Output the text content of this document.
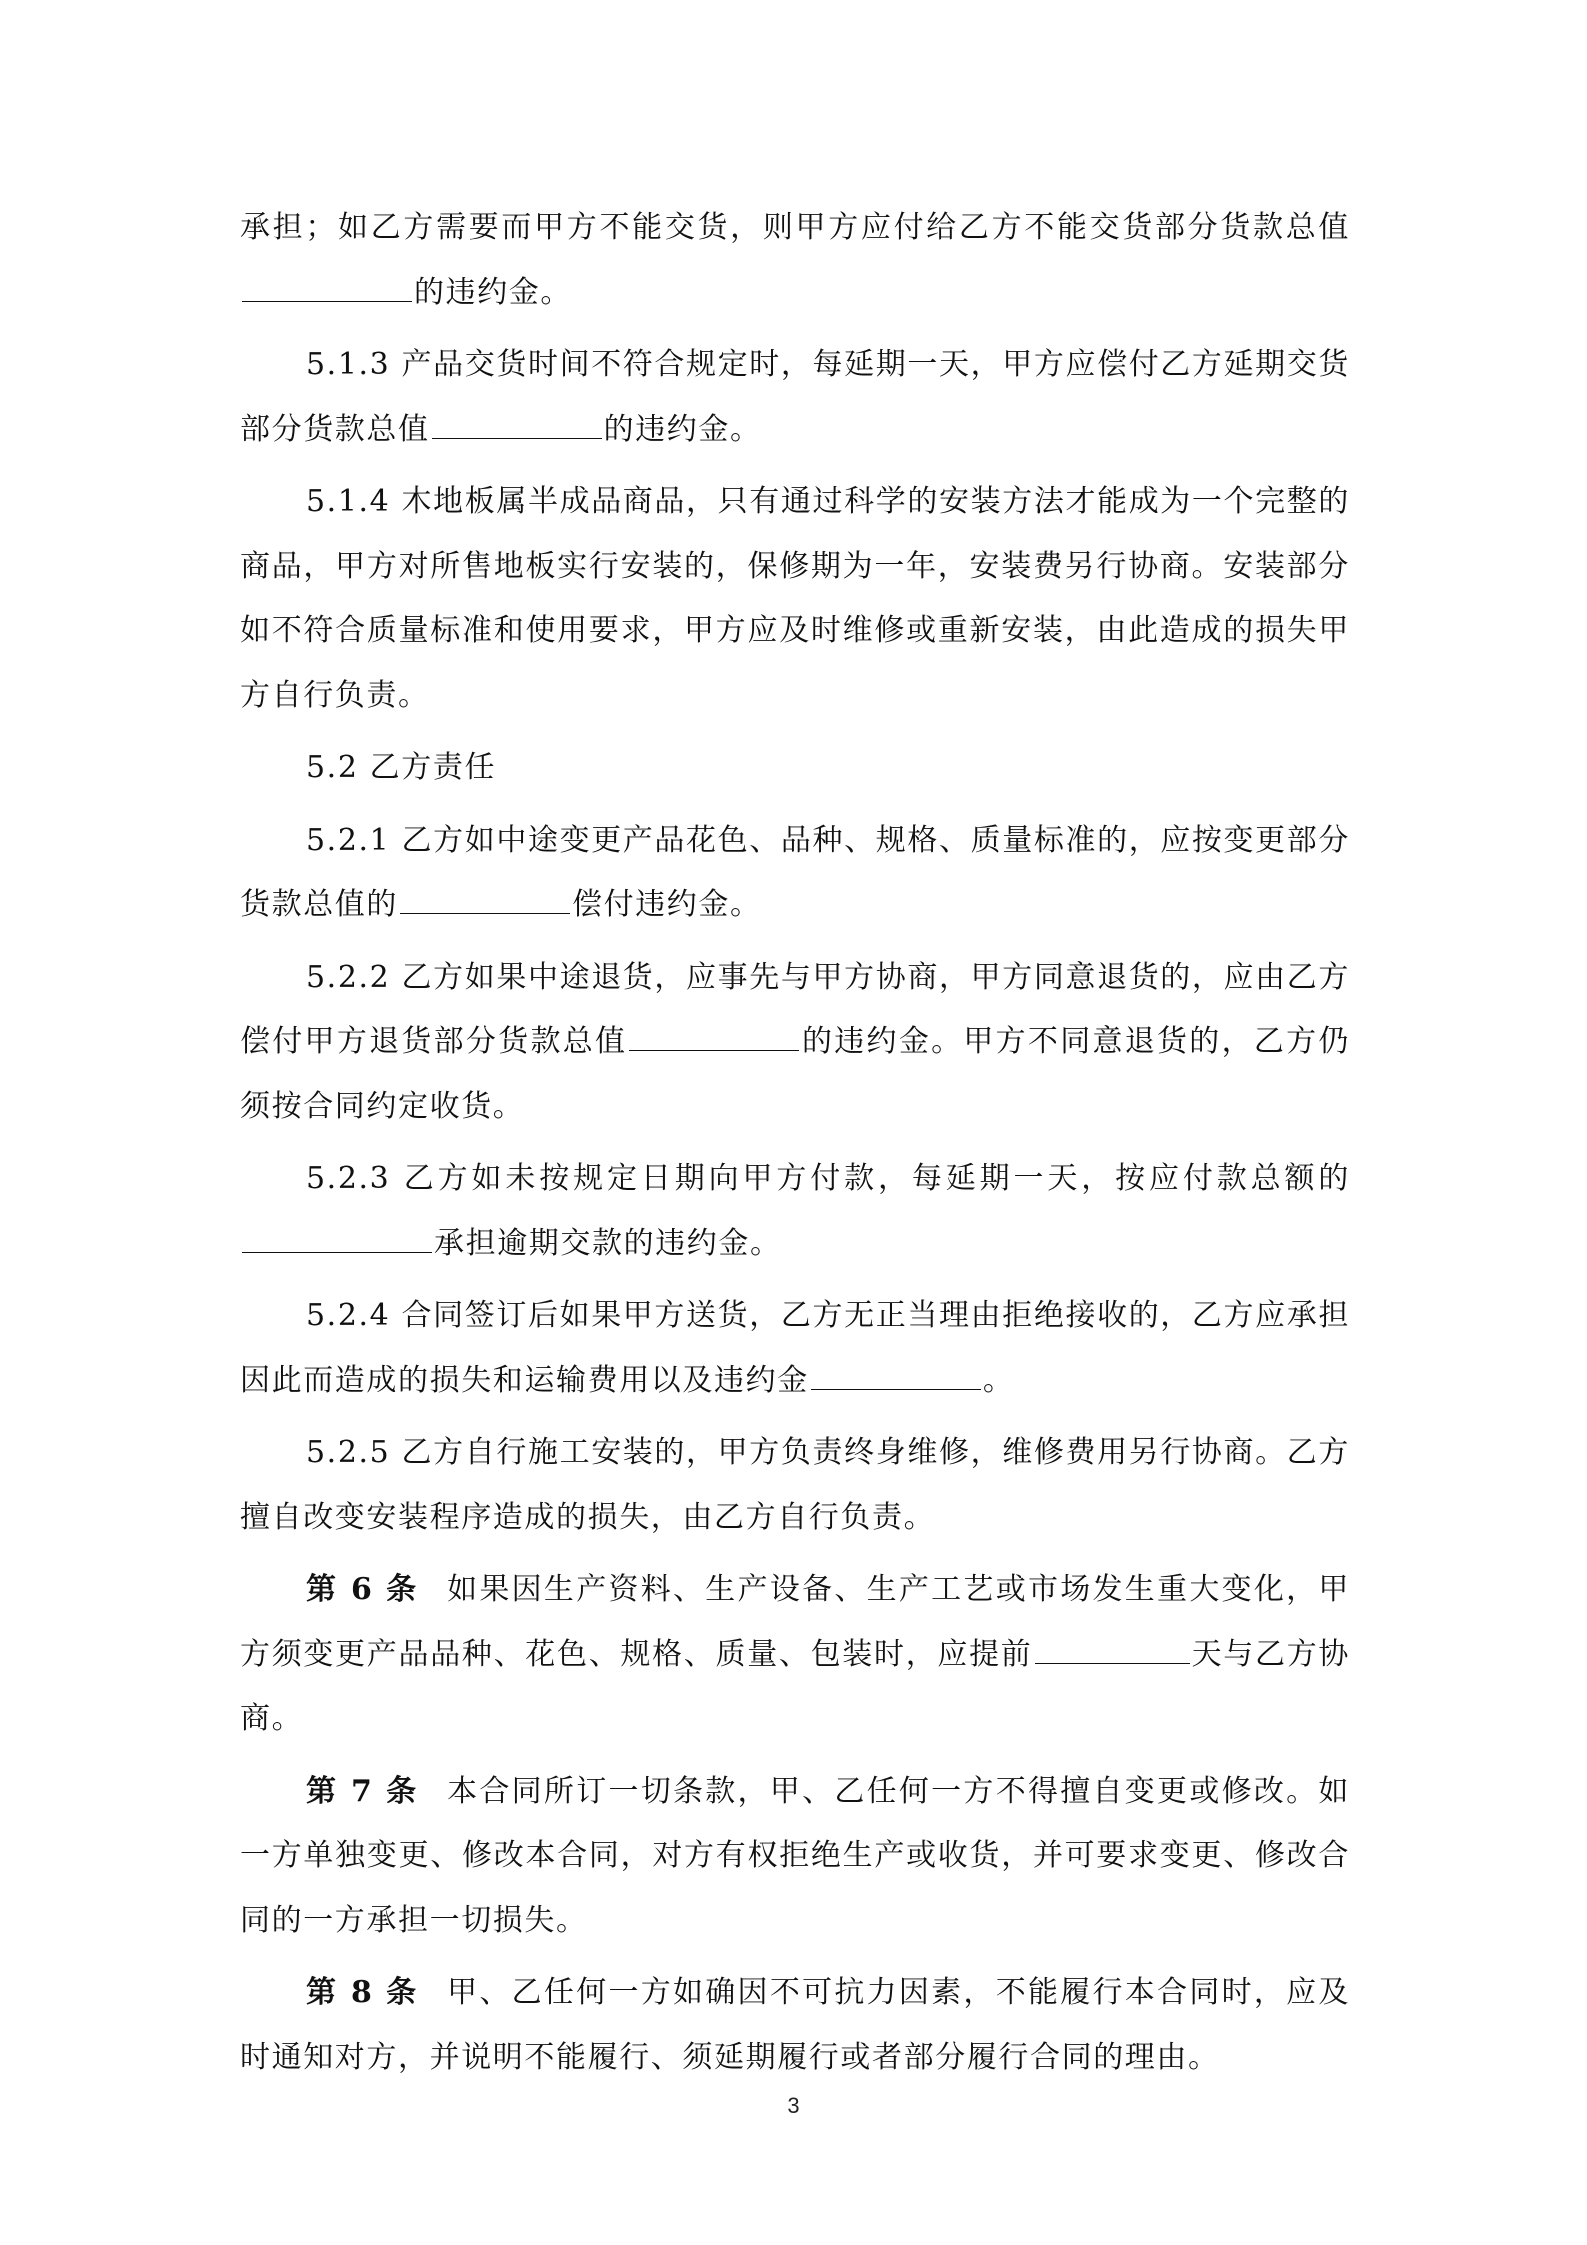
承担；如乙方需要而甲方不能交货，则甲方应付给乙方不能交货部分货款总值的违约金。

5.1.3 产品交货时间不符合规定时，每延期一天，甲方应偿付乙方延期交货部分货款总值	的违约金。

5.1.4 木地板属半成品商品，只有通过科学的安装方法才能成为一个完整的商品，甲方对所售地板实行安装的，保修期为一年，安装费另行协商。安装部分如不符合质量标准和使用要求，甲方应及时维修或重新安装，由此造成的损失甲方自行负责。

5.2 乙方责任

5.2.1 乙方如中途变更产品花色、品种、规格、质量标准的，应按变更部分货款总值的	偿付违约金。

5.2.2 乙方如果中途退货，应事先与甲方协商，甲方同意退货的，应由乙方偿付甲方退货部分货款总值	的违约金。甲方不同意退货的，乙方仍须按合同约定收货。

5.2.3 乙方如未按规定日期向甲方付款，每延期一天，按应付款总额的承担逾期交款的违约金。

5.2.4 合同签订后如果甲方送货，乙方无正当理由拒绝接收的，乙方应承担因此而造成的损失和运输费用以及违约金	。

5.2.5 乙方自行施工安装的，甲方负责终身维修，维修费用另行协商。乙方擅自改变安装程序造成的损失，由乙方自行负责。

第 6 条 如果因生产资料、生产设备、生产工艺或市场发生重大变化，甲方须变更产品品种、花色、规格、质量、包装时，应提前	天与乙方协商。

第 7 条 本合同所订一切条款，甲、乙任何一方不得擅自变更或修改。如一方单独变更、修改本合同，对方有权拒绝生产或收货，并可要求变更、修改合同的一方承担一切损失。

第 8 条 甲、乙任何一方如确因不可抗力因素，不能履行本合同时，应及时通知对方，并说明不能履行、须延期履行或者部分履行合同的理由。

3
